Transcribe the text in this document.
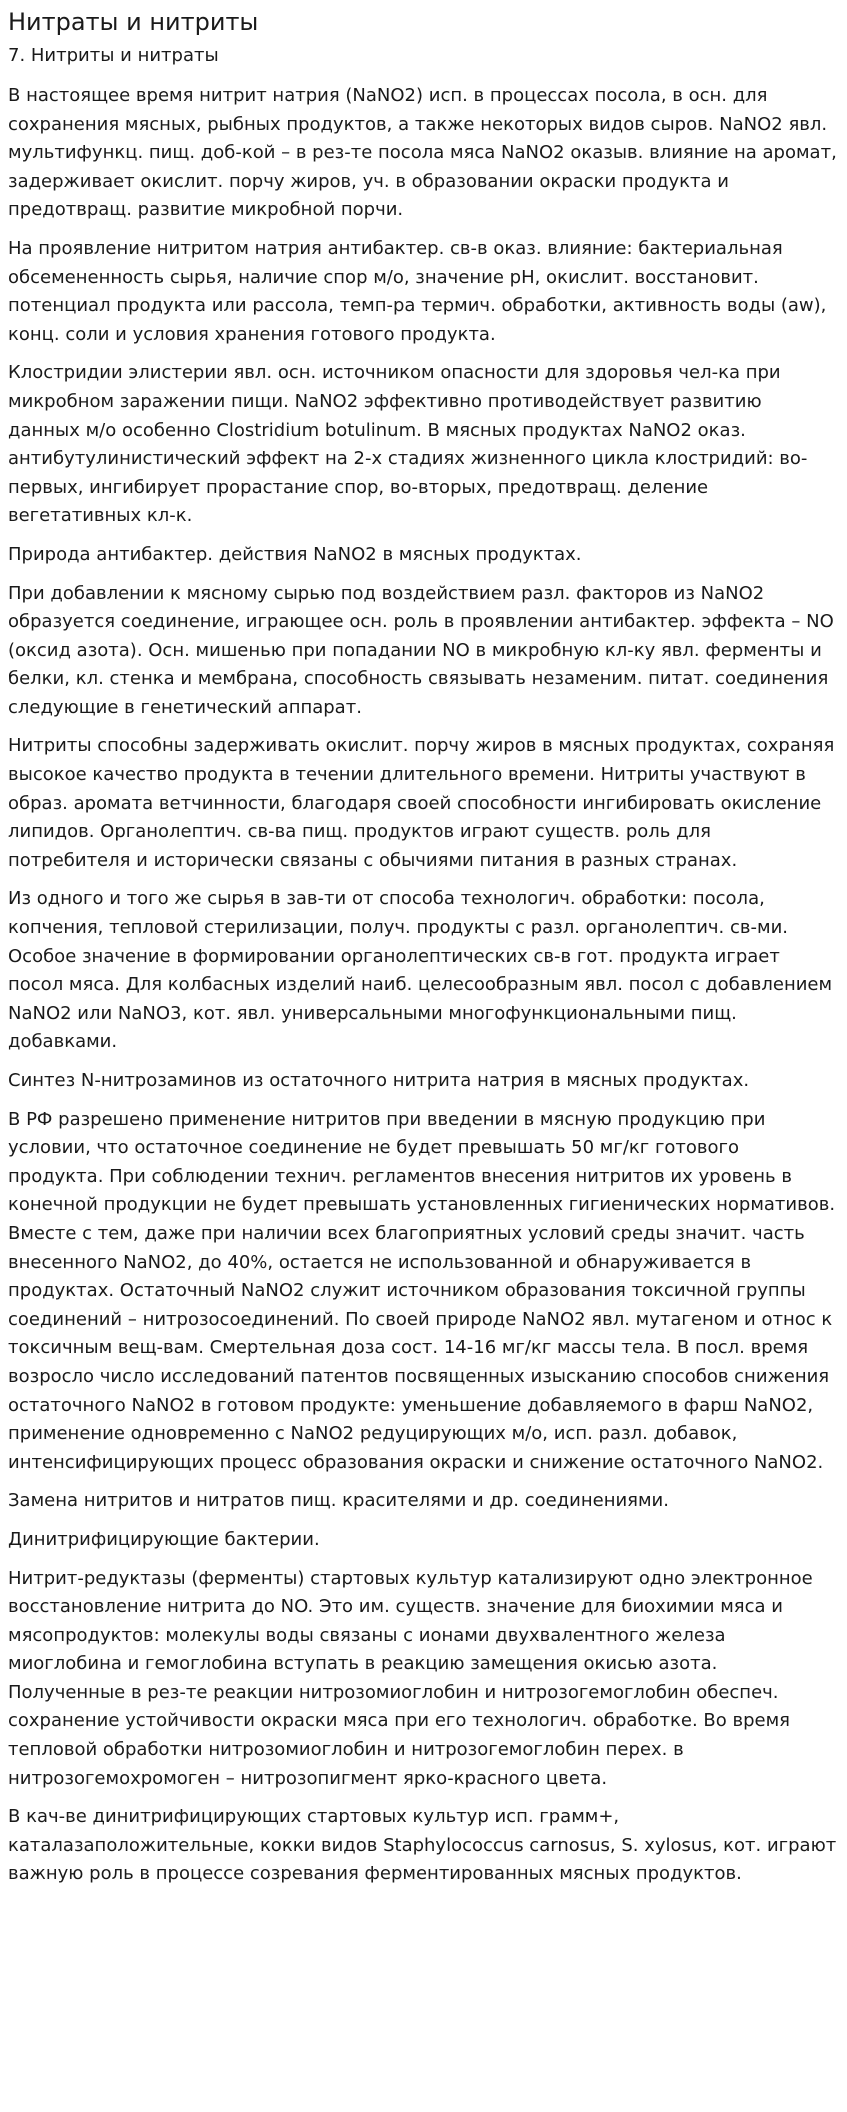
Нитраты и нитриты
7. Нитриты и нитраты

В настоящее время нитрит натрия (NaNO2) исп. в процессах посола, в осн. для сохранения мясных, рыбных продуктов, а также некоторых видов сыров. NaNO2 явл. мультифункц. пищ. доб-кой – в рез-те посола мяса NaNO2 оказыв. влияние на аромат, задерживает окислит. порчу жиров, уч. в образовании окраски продукта и предотвращ. развитие микробной порчи.

На проявление нитритом натрия антибактер. св-в оказ. влияние: бактериальная обсемененность сырья, наличие спор м/о, значение pH, окислит. восстановит. потенциал продукта или рассола, темп-ра термич. обработки, активность воды (aw), конц. соли и условия хранения готового продукта.

Клостридии элистерии явл. осн. источником опасности для здоровья чел-ка при микробном заражении пищи. NaNO2 эффективно противодействует развитию данных м/о особенно Clostridium botulinum. В мясных продуктах NaNO2 оказ. антибутулинистический эффект на 2-х стадиях жизненного цикла клостридий: во-первых, ингибирует прорастание спор, во-вторых, предотвращ. деление вегетативных кл-к.

Природа антибактер. действия NaNO2 в мясных продуктах.

При добавлении к мясному сырью под воздействием разл. факторов из NaNO2 образуется соединение, играющее осн. роль в проявлении антибактер. эффекта – NO (оксид азота). Осн. мишенью при попадании NO в микробную кл-ку явл. ферменты и белки, кл. стенка и мембрана, способность связывать незаменим. питат. соединения следующие в генетический аппарат.

Нитриты способны задерживать окислит. порчу жиров в мясных продуктах, сохраняя высокое качество продукта в течении длительного времени. Нитриты участвуют в образ. аромата ветчинности, благодаря своей способности ингибировать окисление липидов. Органолептич. св-ва пищ. продуктов играют существ. роль для потребителя и исторически связаны с обычиями питания в разных странах.

Из одного и того же сырья в зав-ти от способа технологич. обработки: посола, копчения, тепловой стерилизации, получ. продукты с разл. органолептич. св-ми. Особое значение в формировании органолептических св-в гот. продукта играет посол мяса. Для колбасных изделий наиб. целесообразным явл. посол с добавлением NaNO2 или NaNO3, кот. явл. универсальными многофункциональными пищ. добавками.

Синтез N-нитрозаминов из остаточного нитрита натрия в мясных продуктах.

В РФ разрешено применение нитритов при введении в мясную продукцию при условии, что остаточное соединение не будет превышать 50 мг/кг готового продукта. При соблюдении технич. регламентов внесения нитритов их уровень в конечной продукции не будет превышать установленных гигиенических нормативов. Вместе с тем, даже при наличии всех благоприятных условий среды значит. часть внесенного NaNO2, до 40%, остается не использованной и обнаруживается в продуктах. Остаточный NaNO2 служит источником образования токсичной группы соединений – нитрозосоединений. По своей природе NaNO2 явл. мутагеном и относ к токсичным вещ-вам. Смертельная доза сост. 14-16 мг/кг массы тела. В посл. время возросло число исследований патентов посвященных изысканию способов снижения остаточного NaNO2 в готовом продукте: уменьшение добавляемого в фарш NaNO2, применение одновременно с NaNO2 редуцирующих м/о, исп. разл. добавок, интенсифицирующих процесс образования окраски и снижение остаточного NaNO2.

Замена нитритов и нитратов пищ. красителями и др. соединениями.

Динитрифицирующие бактерии.

Нитрит-редуктазы (ферменты) стартовых культур катализируют одно электронное восстановление нитрита до NO. Это им. существ. значение для биохимии мяса и мясопродуктов: молекулы воды связаны с ионами двухвалентного железа миоглобина и гемоглобина вступать в реакцию замещения окисью азота. Полученные в рез-те реакции нитрозомиоглобин и нитрозогемоглобин обеспеч. сохранение устойчивости окраски мяса при его технологич. обработке. Во время тепловой обработки нитрозомиоглобин и нитрозогемоглобин перех. в нитрозогемохромоген – нитрозопигмент ярко-красного цвета.

В кач-ве динитрифицирующих стартовых культур исп. грамм+, каталазаположительные, кокки видов Staphylococcus carnosus, S. xylosus, кот. играют важную роль в процессе созревания ферментированных мясных продуктов.
